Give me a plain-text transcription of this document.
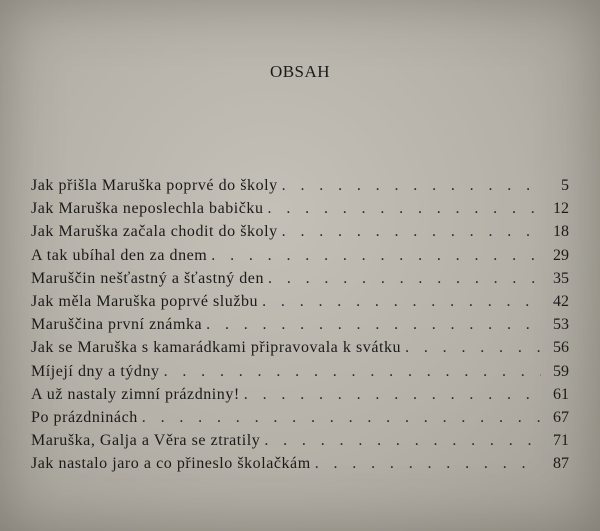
OBSAH
Jak přišla Maruška poprvé do školy . . .	5
Jak Maruška neposlechla babičku . . .	12
Jak Maruška začala chodit do školy . . .	18
A tak ubíhal den za dnem . . .	29
Maruščin nešťastný a šťastný den . . .	35
Jak měla Maruška poprvé službu . . .	42
Maruščina první známka . . .	53
Jak se Maruška s kamarádkami připravovala k svátku . . .	56
Míjejí dny a týdny . . .	59
A už nastaly zimní prázdniny! . . .	61
Po prázdninách . . .	67
Maruška, Galja a Věra se ztratily . . .	71
Jak nastalo jaro a co přineslo školačkám . . .	87
